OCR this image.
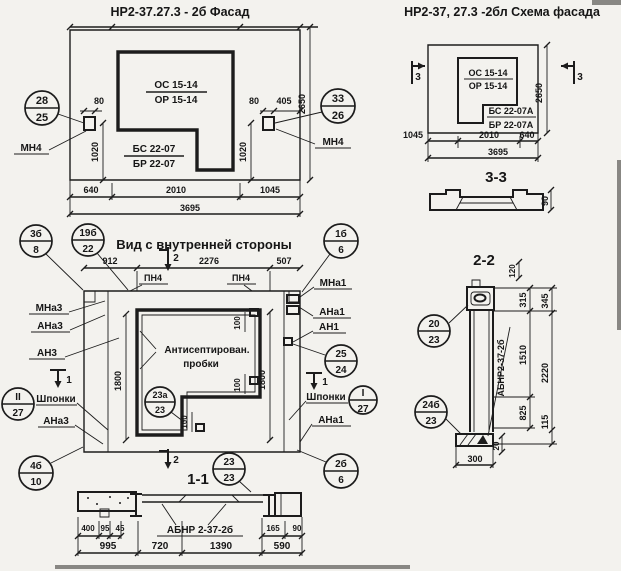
НР2-37.27.3 - 2б Фасад
ОС 15-14
ОР 15-14
БС 22-07
БР 22-07
28
25
33
26
МН4
МН4
80
1020
80 405
1020
2650
640	2010	1045
3695
НР2-37, 27.3 -2бл Схема фасада
ОС 15-14
ОР 15-14
БС 22-07А
БР 22-07А
3	3
2650
1045	2010 640
3695
3-3
90
Вид с внутренней стороны
3б
8
19б
22
1б
6
912	2276	507
2
ПН4	ПН4
100
100
100
Антисептирован.
пробки
23а
23
1800	1800
МНа3
АНа3
АН3
1
II
27
Шпонки
АНа3
4б
10
МНа1
АНа1
АН1
25
24
1
Шпонки I
27
АНа1
2б
6
2	23
23
1-1
АБНР 2-37-2б
400 95 45	165 90
995	720	1390	590
2-2
АБНР2-37-2б
20
23
24б
23
120
315
1510
825
345
2220
115
20
300
